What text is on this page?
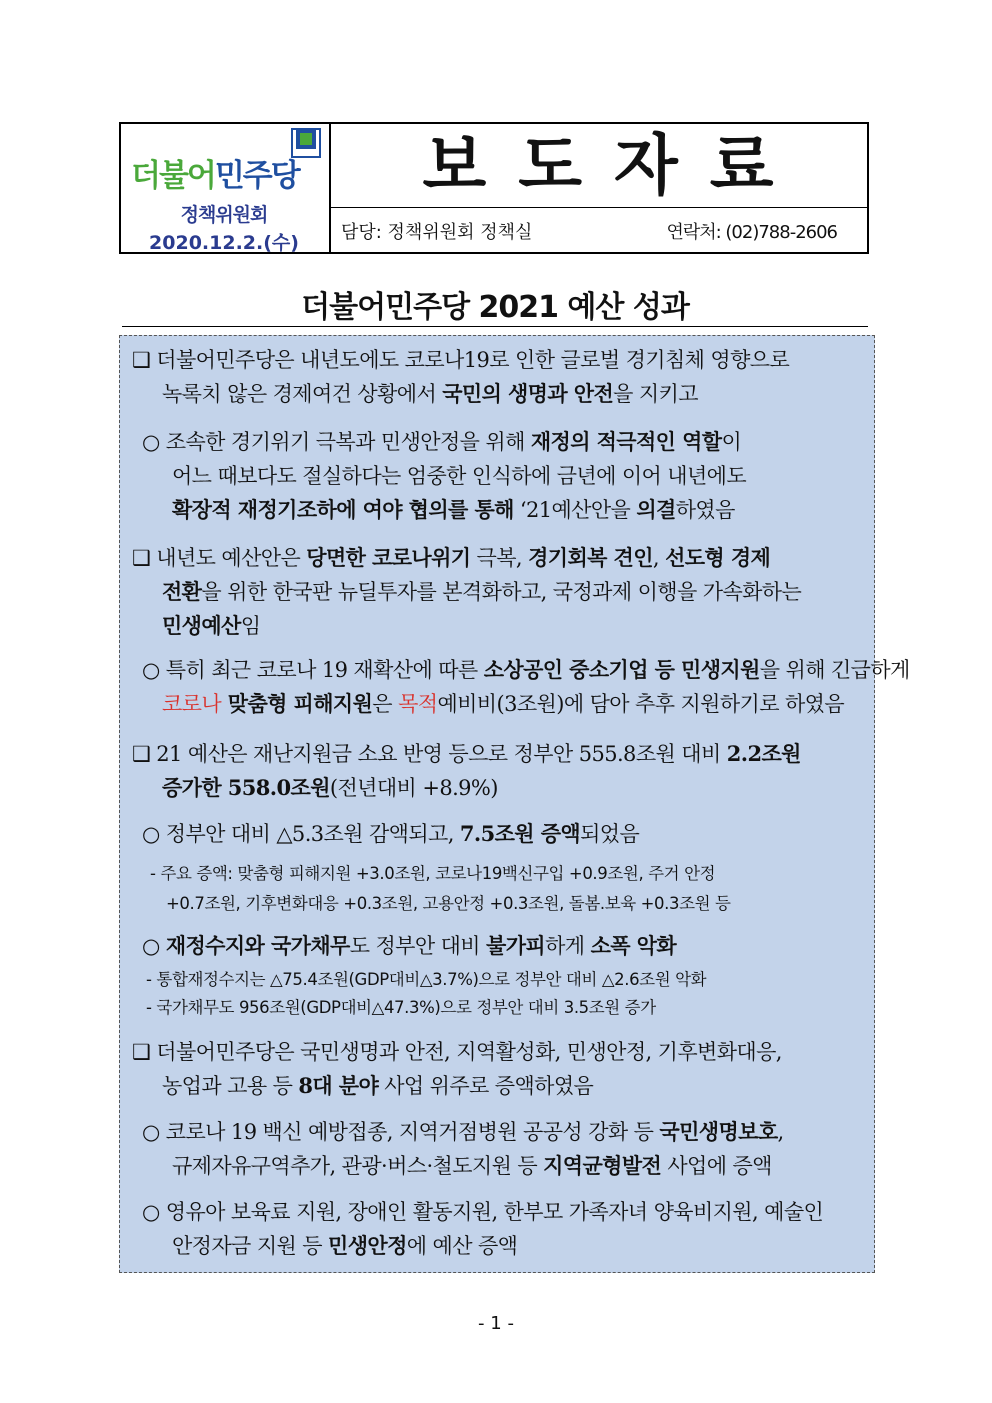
더불어민주당
정책위원회
2020.12.2.(수)
보도자료
담당: 정책위원회 정책실	연락처: (02)788-2606
더불어민주당 2021 예산 성과
❑ 더불어민주당은 내년도에도 코로나19로 인한 글로벌 경기침체 영향으로
녹록치 않은 경제여건 상황에서 국민의 생명과 안전을 지키고
○ 조속한 경기위기 극복과 민생안정을 위해 재정의 적극적인 역할이
어느 때보다도 절실하다는 엄중한 인식하에 금년에 이어 내년에도
확장적 재정기조하에 여야 협의를 통해 ‘21예산안을 의결하였음
❑ 내년도 예산안은 당면한 코로나위기 극복, 경기회복 견인, 선도형 경제
전환을 위한 한국판 뉴딜투자를 본격화하고, 국정과제 이행을 가속화하는
민생예산임
○ 특히 최근 코로나 19 재확산에 따른 소상공인 중소기업 등 민생지원을 위해 긴급하게
코로나 맞춤형 피해지원은 목적예비비(3조원)에 담아 추후 지원하기로 하였음
❑ 21 예산은 재난지원금 소요 반영 등으로 정부안 555.8조원 대비 2.2조원
증가한 558.0조원(전년대비 +8.9%)
○ 정부안 대비 △5.3조원 감액되고, 7.5조원 증액되었음
- 주요 증액: 맞춤형 피해지원 +3.0조원, 코로나19백신구입 +0.9조원, 주거 안정
+0.7조원, 기후변화대응 +0.3조원, 고용안정 +0.3조원, 돌봄.보육 +0.3조원 등
○ 재정수지와 국가채무도 정부안 대비 불가피하게 소폭 악화
- 통합재정수지는 △75.4조원(GDP대비△3.7%)으로 정부안 대비 △2.6조원 악화
- 국가채무도 956조원(GDP대비△47.3%)으로 정부안 대비 3.5조원 증가
❑ 더불어민주당은 국민생명과 안전, 지역활성화, 민생안정, 기후변화대응,
농업과 고용 등 8대 분야 사업 위주로 증액하였음
○ 코로나 19 백신 예방접종, 지역거점병원 공공성 강화 등 국민생명보호,
규제자유구역추가, 관광·버스·철도지원 등 지역균형발전 사업에 증액
○ 영유아 보육료 지원, 장애인 활동지원, 한부모 가족자녀 양육비지원, 예술인
안정자금 지원 등 민생안정에 예산 증액
- 1 -
